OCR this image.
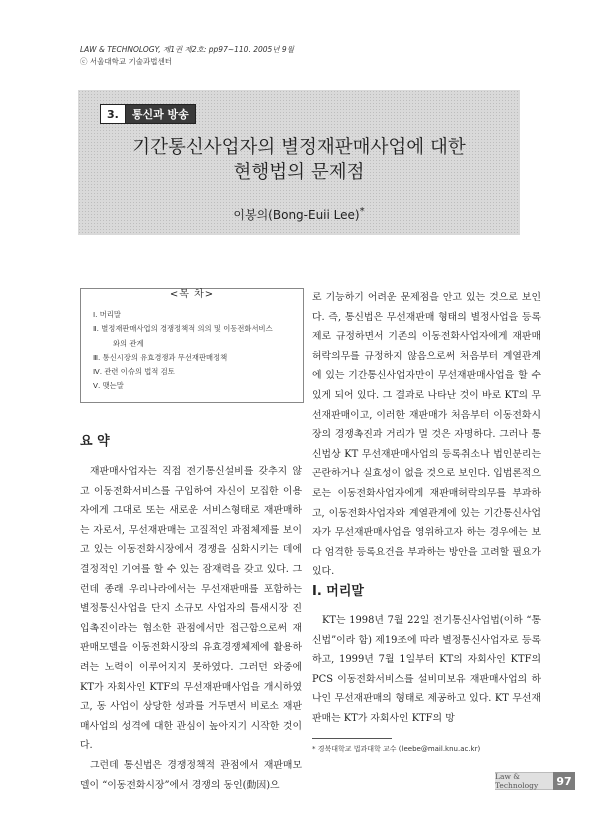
LAW & TECHNOLOGY, 제1권 제2호: pp97~110. 2005년 9월
ⓒ 서울대학교 기술과법센터
3.	통신과 방송
기간통신사업자의 별정재판매사업에 대한
현행법의 문제점
이봉의(Bong-Euii Lee)*
<목 차>
Ⅰ. 머리말
Ⅱ. 별정재판매사업의 경쟁정책적 의의 및 이동전화서비스
와의 관계
Ⅲ. 통신시장의 유효경쟁과 무선재판매정책
Ⅳ. 관련 이슈의 법적 검토
Ⅴ. 맺는말
요 약

재판매사업자는 직접 전기통신설비를 갖추지 않고 이동전화서비스를 구입하여 자신이 모집한 이용자에게 그대로 또는 새로운 서비스형태로 재판매하는 자로서, 무선재판매는 고질적인 과점체제를 보이고 있는 이동전화시장에서 경쟁을 심화시키는 데에 결정적인 기여를 할 수 있는 잠재력을 갖고 있다. 그런데 종래 우리나라에서는 무선재판매를 포함하는 별정통신사업을 단지 소규모 사업자의 틈새시장 진입촉진이라는 협소한 관점에서만 접근함으로써 재판매모델을 이동전화시장의 유효경쟁체제에 활용하려는 노력이 이루어지지 못하였다. 그러던 와중에 KT가 자회사인 KTF의 무선재판매사업을 개시하였고, 동 사업이 상당한 성과를 거두면서 비로소 재판매사업의 성격에 대한 관심이 높아지기 시작한 것이다.

그런데 통신법은 경쟁정책적 관점에서 재판매모델이 “이동전화시장”에서 경쟁의 동인(動因)으

로 기능하기 어려운 문제점을 안고 있는 것으로 보인다. 즉, 통신법은 무선재판매 형태의 별정사업을 등록제로 규정하면서 기존의 이동전화사업자에게 재판매허락의무를 규정하지 않음으로써 처음부터 계열관계에 있는 기간통신사업자만이 무선재판매사업을 할 수 있게 되어 있다. 그 결과로 나타난 것이 바로 KT의 무선재판매이고, 이러한 재판매가 처음부터 이동전화시장의 경쟁촉진과 거리가 멀 것은 자명하다. 그러나 통신법상 KT 무선재판매사업의 등록취소나 법인분리는 곤란하거나 실효성이 없을 것으로 보인다. 입법론적으로는 이동전화사업자에게 재판매허락의무를 부과하고, 이동전화사업자와 계열관계에 있는 기간통신사업자가 무선재판매사업을 영위하고자 하는 경우에는 보다 엄격한 등록요건을 부과하는 방안을 고려할 필요가 있다.

Ⅰ. 머리말

KT는 1998년 7월 22일 전기통신사업법(이하 “통신법”이라 함) 제19조에 따라 별정통신사업자로 등록하고, 1999년 7월 1일부터 KT의 자회사인 KTF의 PCS 이동전화서비스를 설비미보유 재판매사업의 하나인 무선재판매의 형태로 제공하고 있다. KT 무선재판매는 KT가 자회사인 KTF의 망

* 경북대학교 법과대학 교수 (leebe@mail.knu.ac.kr)
Law & Technology	97
